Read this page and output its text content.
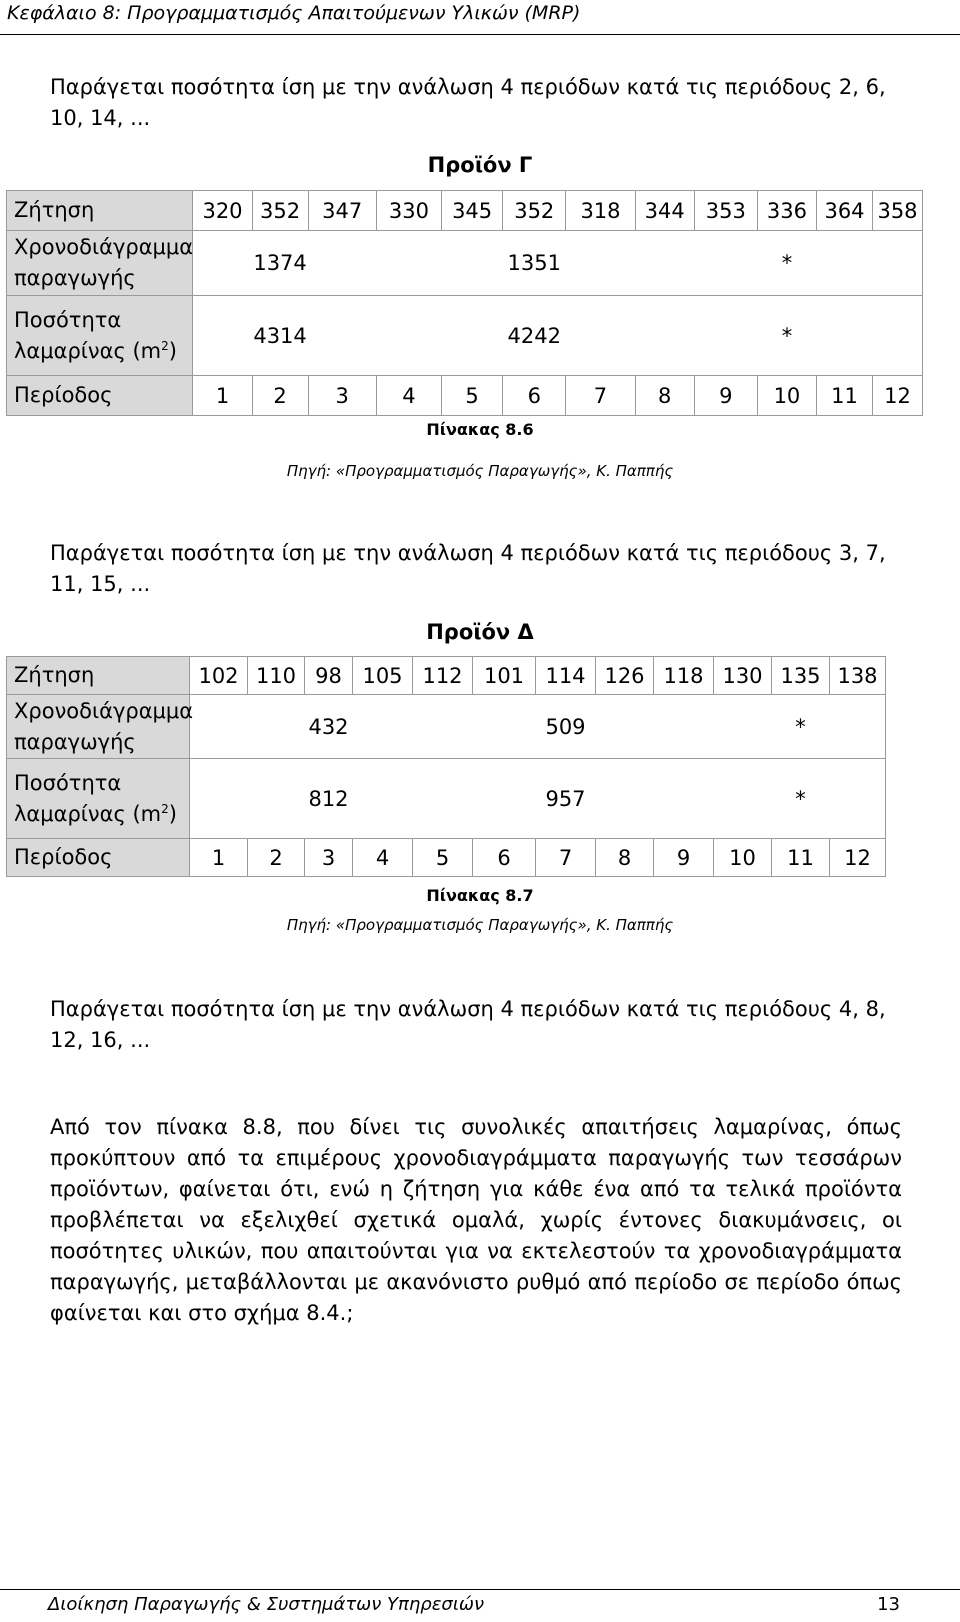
Κεφάλαιο 8: Προγραμματισμός Απαιτούμενων Υλικών (MRP)
Παράγεται ποσότητα ίση με την ανάλωση 4 περιόδων κατά τις περιόδους 2, 6, 10, 14, ...
Προϊόν Γ
Ζήτηση	320	352	347	330	345	352	318	344	353	336	364	358
Χρονοδιάγραμμα παραγωγής		1374				1351				*		
Ποσότητα λαμαρίνας $(m^2)$		4314				4242				*		
Περίοδος	1	2	3	4	5	6	7	8	9	10	11	12
Πίνακας 8.6
Πηγή: «Προγραμματισμός Παραγωγής», Κ. Παππής
Παράγεται ποσότητα ίση με την ανάλωση 4 περιόδων κατά τις περιόδους 3, 7, 11, 15, ...
Προϊόν Δ
Ζήτηση	102	110	98	105	112	101	114	126	118	130	135	138
Χρονοδιάγραμμα παραγωγής			432				509				*	
Ποσότητα λαμαρίνας $(m^2)$			812				957				*	
Περίοδος	1	2	3	4	5	6	7	8	9	10	11	12
Πίνακας 8.7
Πηγή: «Προγραμματισμός Παραγωγής», Κ. Παππής
Παράγεται ποσότητα ίση με την ανάλωση 4 περιόδων κατά τις περιόδους 4, 8, 12, 16, ...
Από τον πίνακα 8.8, που δίνει τις συνολικές απαιτήσεις λαμαρίνας, όπως προκύπτουν από τα επιμέρους χρονοδιαγράμματα παραγωγής των τεσσάρων προϊόντων, φαίνεται ότι, ενώ η ζήτηση για κάθε ένα από τα τελικά προϊόντα προβλέπεται να εξελιχθεί σχετικά ομαλά, χωρίς έντονες διακυμάνσεις, οι ποσότητες υλικών, που απαιτούνται για να εκτελεστούν τα χρονοδιαγράμματα παραγωγής, μεταβάλλονται με ακανόνιστο ρυθμό από περίοδο σε περίοδο όπως φαίνεται και στο σχήμα 8.4.;
Διοίκηση Παραγωγής & Συστημάτων Υπηρεσιών	13
